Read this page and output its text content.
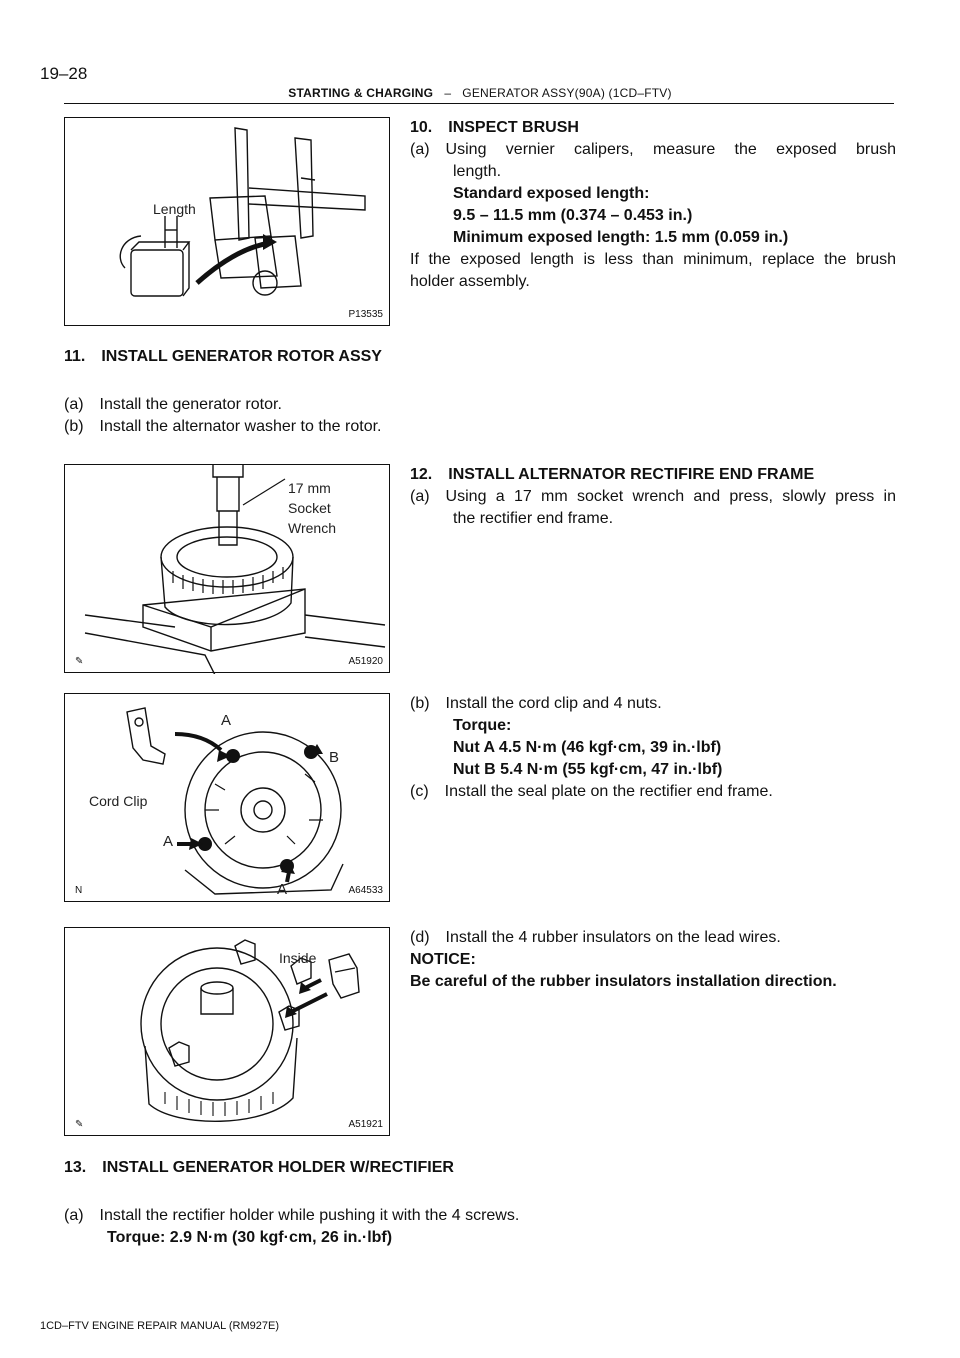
19–28
STARTING & CHARGING – GENERATOR ASSY(90A) (1CD–FTV)
Length
P13535
10. INSPECT BRUSH
(a) Using vernier calipers, measure the exposed brush
length.
Standard exposed length:
9.5 – 11.5 mm (0.374 – 0.453 in.)
Minimum exposed length: 1.5 mm (0.059 in.)
If the exposed length is less than minimum, replace the brush
holder assembly.
11. INSTALL GENERATOR ROTOR ASSY
(a) Install the generator rotor.
(b) Install the alternator washer to the rotor.
17 mm
Socket
Wrench
✎	A51920
12. INSTALL ALTERNATOR RECTIFIRE END FRAME
(a) Using a 17 mm socket wrench and press, slowly press in
the rectifier end frame.
A
B
Cord Clip
A
A
N	A64533
(b) Install the cord clip and 4 nuts.
Torque:
Nut A 4.5 N·m (46 kgf·cm, 39 in.·lbf)
Nut B 5.4 N·m (55 kgf·cm, 47 in.·lbf)
(c) Install the seal plate on the rectifier end frame.
Inside
✎	A51921
(d) Install the 4 rubber insulators on the lead wires.
NOTICE:
Be careful of the rubber insulators installation direction.
13. INSTALL GENERATOR HOLDER W/RECTIFIER
(a) Install the rectifier holder while pushing it with the 4 screws.
Torque: 2.9 N·m (30 kgf·cm, 26 in.·lbf)
1CD–FTV ENGINE REPAIR MANUAL (RM927E)
